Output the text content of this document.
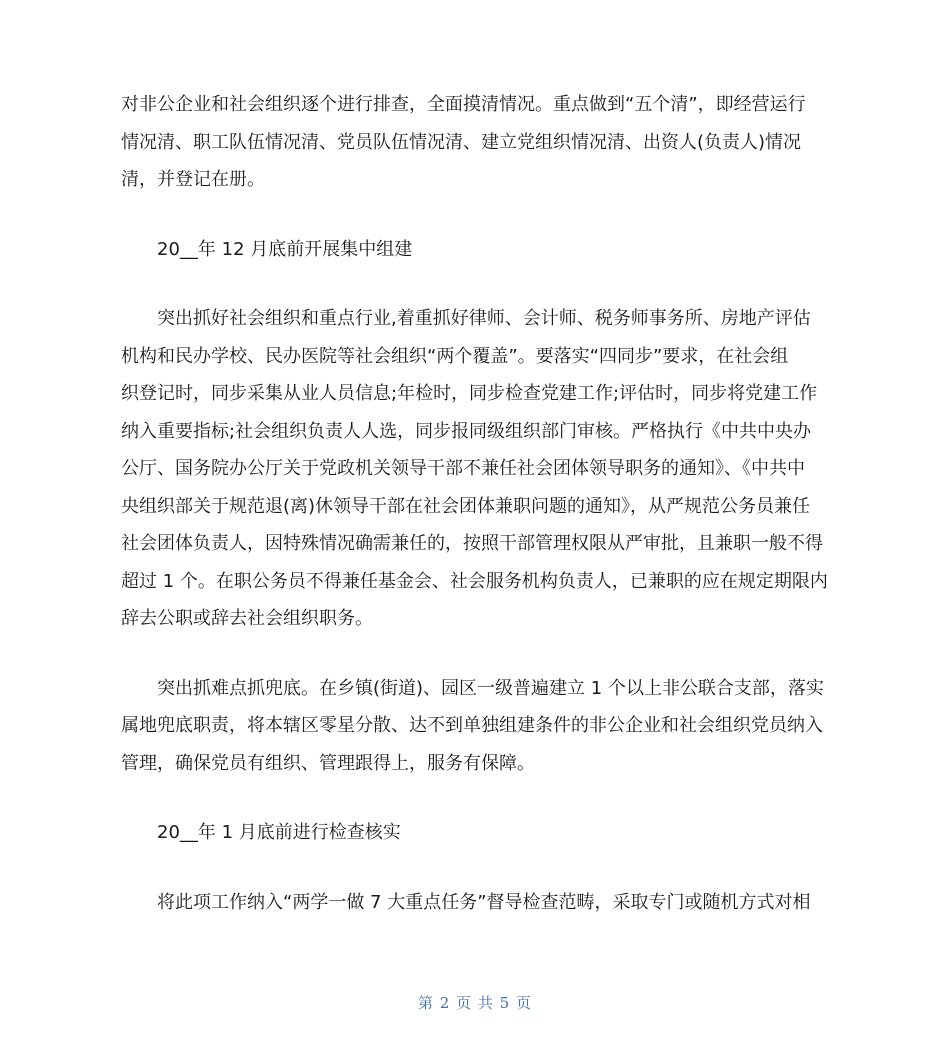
对非公企业和社会组织逐个进行排查，全面摸清情况。重点做到“五个清”，即经营运行
情况清、职工队伍情况清、党员队伍情况清、建立党组织情况清、出资人(负责人)情况
清，并登记在册。

20__年 12 月底前开展集中组建

突出抓好社会组织和重点行业,着重抓好律师、会计师、税务师事务所、房地产评估
机构和民办学校、民办医院等社会组织“两个覆盖”。要落实“四同步”要求，在社会组
织登记时，同步采集从业人员信息;年检时，同步检查党建工作;评估时，同步将党建工作
纳入重要指标;社会组织负责人人选，同步报同级组织部门审核。严格执行《中共中央办
公厅、国务院办公厅关于党政机关领导干部不兼任社会团体领导职务的通知》、《中共中
央组织部关于规范退(离)休领导干部在社会团体兼职问题的通知》，从严规范公务员兼任
社会团体负责人，因特殊情况确需兼任的，按照干部管理权限从严审批，且兼职一般不得
超过 1 个。在职公务员不得兼任基金会、社会服务机构负责人，已兼职的应在规定期限内
辞去公职或辞去社会组织职务。

突出抓难点抓兜底。在乡镇(街道)、园区一级普遍建立 1 个以上非公联合支部，落实
属地兜底职责，将本辖区零星分散、达不到单独组建条件的非公企业和社会组织党员纳入
管理，确保党员有组织、管理跟得上，服务有保障。

20__年 1 月底前进行检查核实

将此项工作纳入“两学一做 7 大重点任务”督导检查范畴，采取专门或随机方式对相

第 2 页 共 5 页
